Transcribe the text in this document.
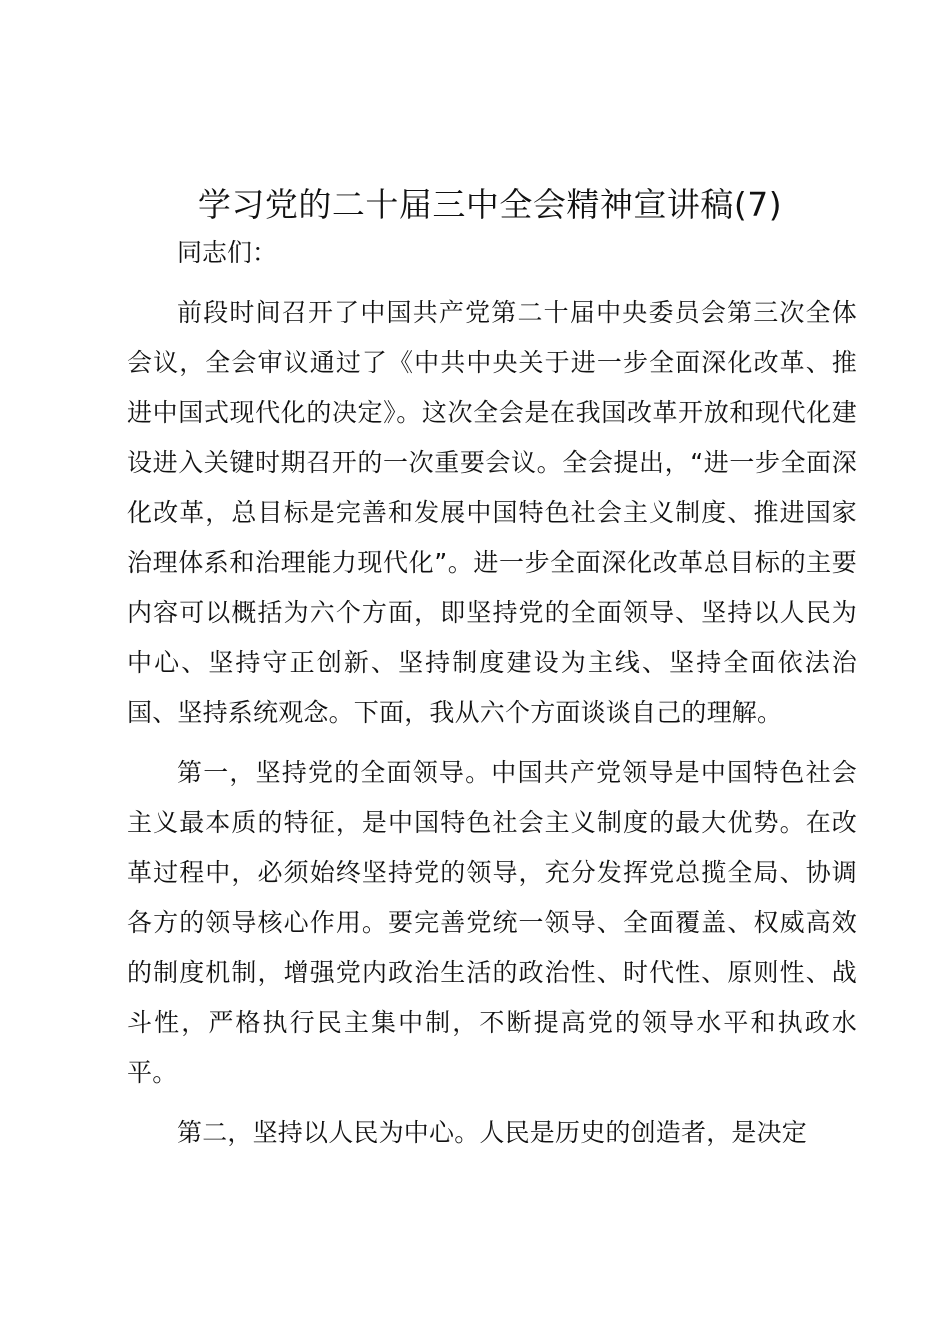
学习党的二十届三中全会精神宣讲稿(7)

同志们：

前段时间召开了中国共产党第二十届中央委员会第三次全体会议，全会审议通过了《中共中央关于进一步全面深化改革、推进中国式现代化的决定》。这次全会是在我国改革开放和现代化建设进入关键时期召开的一次重要会议。全会提出，“进一步全面深化改革，总目标是完善和发展中国特色社会主义制度、推进国家治理体系和治理能力现代化”。进一步全面深化改革总目标的主要内容可以概括为六个方面，即坚持党的全面领导、坚持以人民为中心、坚持守正创新、坚持制度建设为主线、坚持全面依法治国、坚持系统观念。下面，我从六个方面谈谈自己的理解。

第一，坚持党的全面领导。中国共产党领导是中国特色社会主义最本质的特征，是中国特色社会主义制度的最大优势。在改革过程中，必须始终坚持党的领导，充分发挥党总揽全局、协调各方的领导核心作用。要完善党统一领导、全面覆盖、权威高效的制度机制，增强党内政治生活的政治性、时代性、原则性、战斗性，严格执行民主集中制，不断提高党的领导水平和执政水平。

第二，坚持以人民为中心。人民是历史的创造者，是决定
